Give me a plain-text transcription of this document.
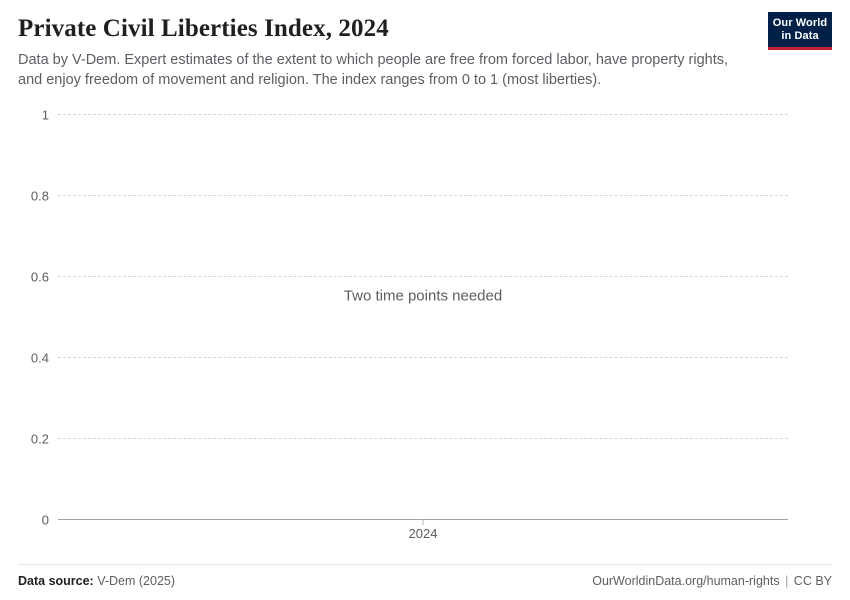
Private Civil Liberties Index, 2024

Data by V-Dem. Expert estimates of the extent to which people are free from forced labor, have property rights, and enjoy freedom of movement and religion. The index ranges from 0 to 1 (most liberties).

Our World
in Data
Two time points needed
0
0.2
0.4
0.6
0.8
1
2024
Data source: V-Dem (2025)	OurWorldinData.org/human-rights | CC BY
